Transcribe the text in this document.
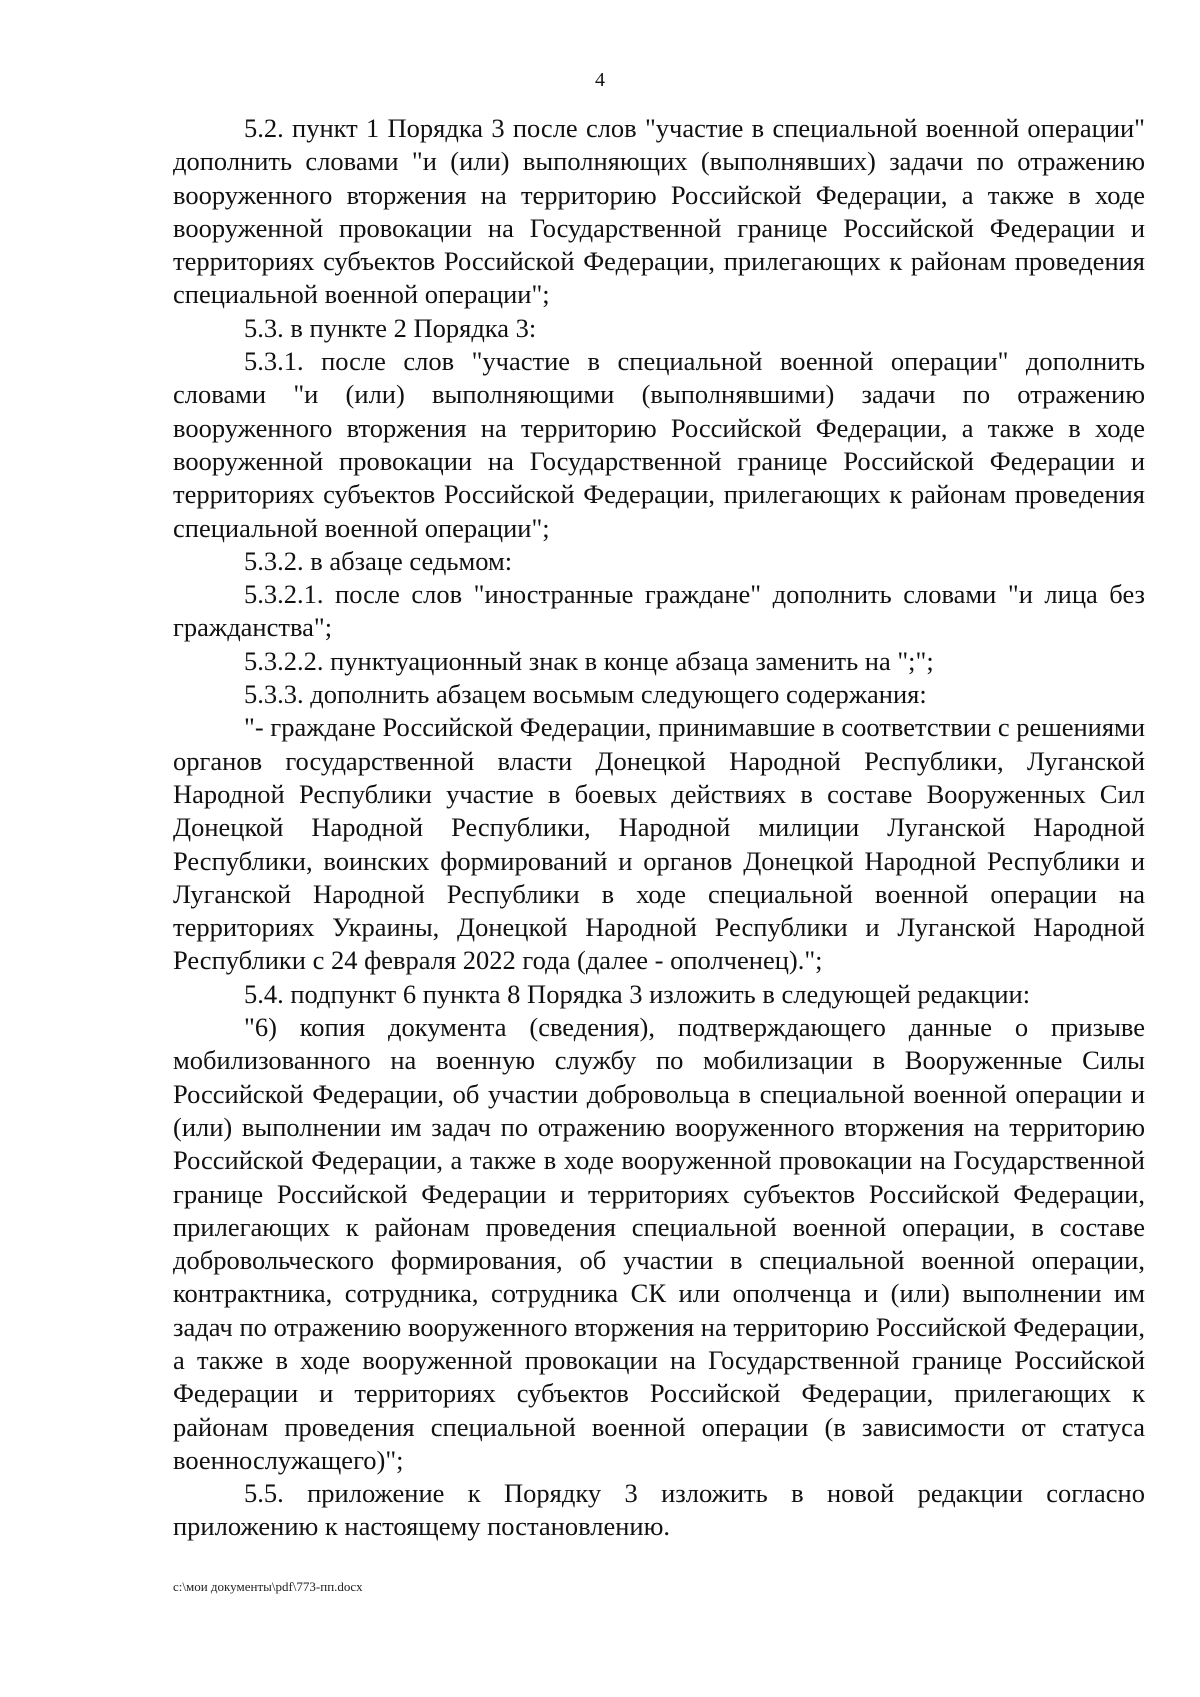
4

5.2. пункт 1 Порядка 3 после слов "участие в специальной военной операции" дополнить словами "и (или) выполняющих (выполнявших) задачи по отражению вооруженного вторжения на территорию Российской Федерации, а также в ходе вооруженной провокации на Государственной границе Российской Федерации и территориях субъектов Российской Федерации, прилегающих к районам проведения специальной военной операции";

5.3. в пункте 2 Порядка 3:

5.3.1. после слов "участие в специальной военной операции" дополнить словами "и (или) выполняющими (выполнявшими) задачи по отражению вооруженного вторжения на территорию Российской Федерации, а также в ходе вооруженной провокации на Государственной границе Российской Федерации и территориях субъектов Российской Федерации, прилегающих к районам проведения специальной военной операции";

5.3.2. в абзаце седьмом:

5.3.2.1. после слов "иностранные граждане" дополнить словами "и лица без гражданства";

5.3.2.2. пунктуационный знак в конце абзаца заменить на ";";

5.3.3. дополнить абзацем восьмым следующего содержания:

"- граждане Российской Федерации, принимавшие в соответствии с решениями органов государственной власти Донецкой Народной Республики, Луганской Народной Республики участие в боевых действиях в составе Вооруженных Сил Донецкой Народной Республики, Народной милиции Луганской Народной Республики, воинских формирований и органов Донецкой Народной Республики и Луганской Народной Республики в ходе специальной военной операции на территориях Украины, Донецкой Народной Республики и Луганской Народной Республики с 24 февраля 2022 года (далее - ополченец).";

5.4. подпункт 6 пункта 8 Порядка 3 изложить в следующей редакции:

"6) копия документа (сведения), подтверждающего данные о призыве мобилизованного на военную службу по мобилизации в Вооруженные Силы Российской Федерации, об участии добровольца в специальной военной операции и (или) выполнении им задач по отражению вооруженного вторжения на территорию Российской Федерации, а также в ходе вооруженной провокации на Государственной границе Российской Федерации и территориях субъектов Российской Федерации, прилегающих к районам проведения специальной военной операции, в составе добровольческого формирования, об участии в специальной военной операции, контрактника, сотрудника, сотрудника СК или ополченца и (или) выполнении им задач по отражению вооруженного вторжения на территорию Российской Федерации, а также в ходе вооруженной провокации на Государственной границе Российской Федерации и территориях субъектов Российской Федерации, прилегающих к районам проведения специальной военной операции (в зависимости от статуса военнослужащего)";

5.5. приложение к Порядку 3 изложить в новой редакции согласно приложению к настоящему постановлению.

c:\мои документы\pdf\773-пп.docx
